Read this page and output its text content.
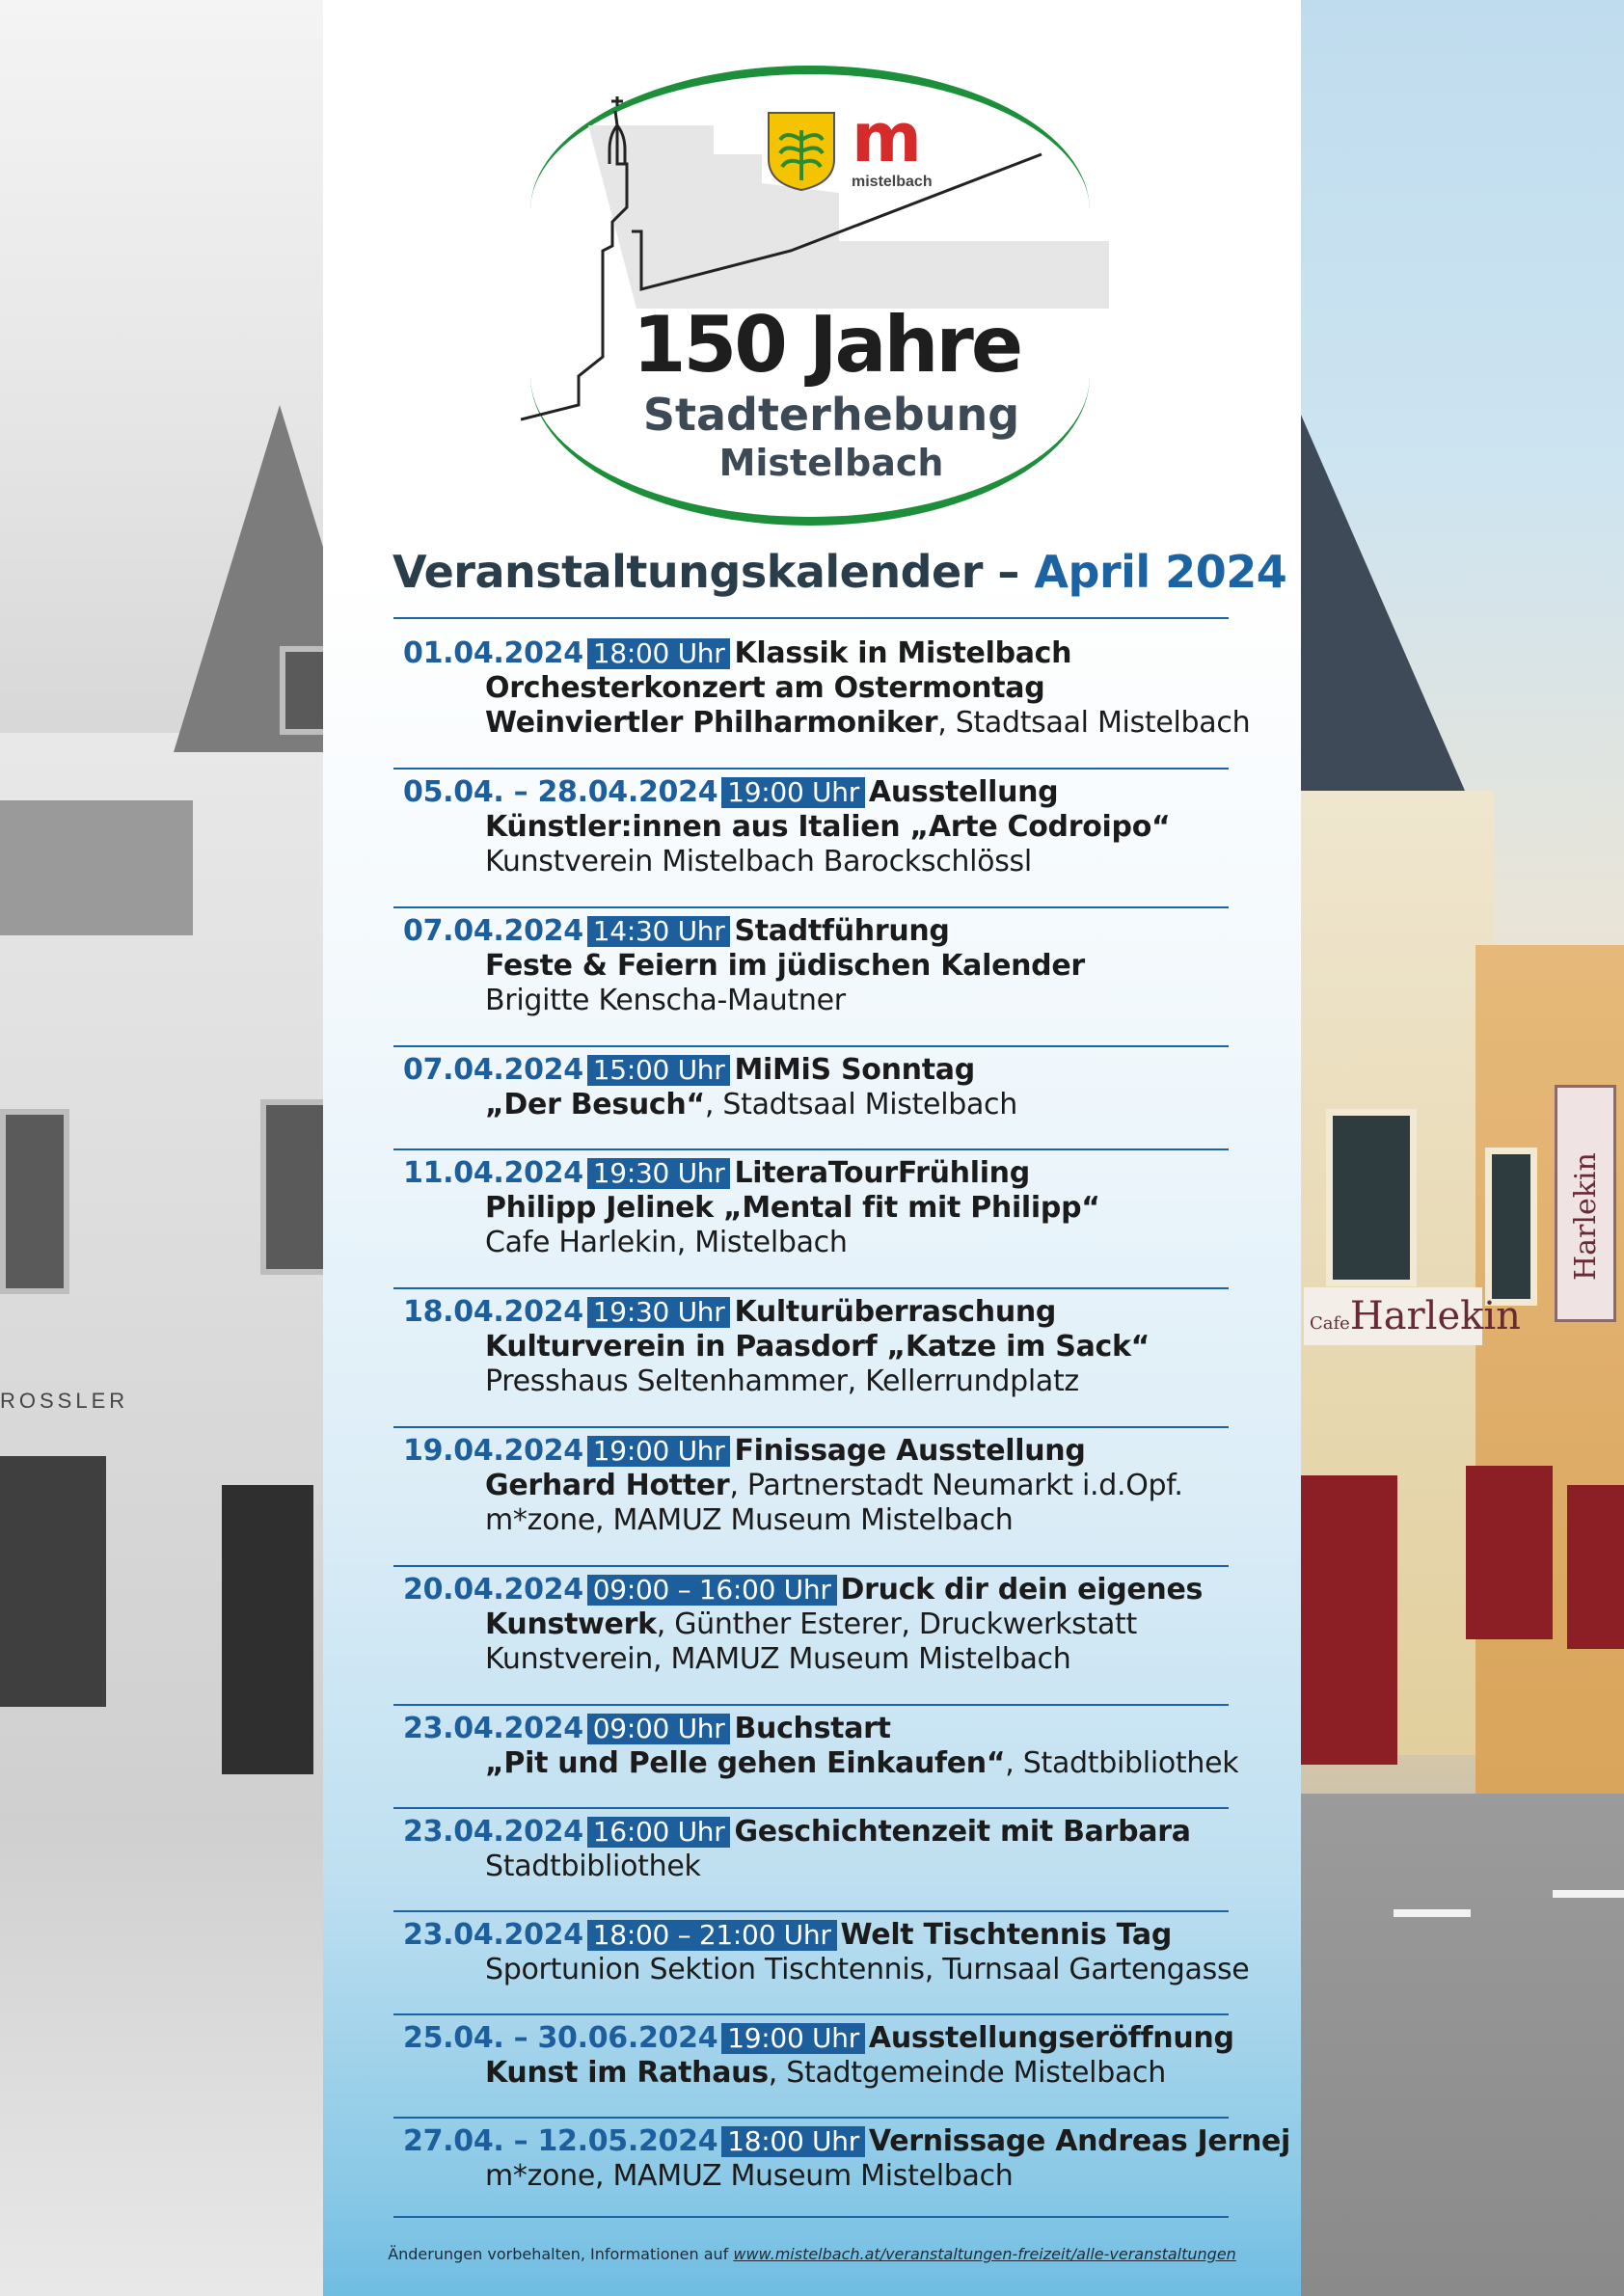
ROSSLER
CafeHarlekin
Harlekin
m
mistelbach
150 Jahre
Stadterhebung
Mistelbach
Veranstaltungskalender – April 2024
01.04.2024 18:00 Uhr Klassik in Mistelbach
Orchesterkonzert am Ostermontag
Weinviertler Philharmoniker, Stadtsaal Mistelbach
05.04. – 28.04.2024 19:00 Uhr Ausstellung
Künstler:innen aus Italien „Arte Codroipo“
Kunstverein Mistelbach Barockschlössl
07.04.2024 14:30 Uhr Stadtführung
Feste & Feiern im jüdischen Kalender
Brigitte Kenscha-Mautner
07.04.2024 15:00 Uhr MiMiS Sonntag
„Der Besuch“, Stadtsaal Mistelbach
11.04.2024 19:30 Uhr LiteraTourFrühling
Philipp Jelinek „Mental fit mit Philipp“
Cafe Harlekin, Mistelbach
18.04.2024 19:30 Uhr Kulturüberraschung
Kulturverein in Paasdorf „Katze im Sack“
Presshaus Seltenhammer, Kellerrundplatz
19.04.2024 19:00 Uhr Finissage Ausstellung
Gerhard Hotter, Partnerstadt Neumarkt i.d.Opf.
m*zone, MAMUZ Museum Mistelbach
20.04.2024 09:00 – 16:00 Uhr Druck dir dein eigenes
Kunstwerk, Günther Esterer, Druckwerkstatt
Kunstverein, MAMUZ Museum Mistelbach
23.04.2024 09:00 Uhr Buchstart
„Pit und Pelle gehen Einkaufen“, Stadtbibliothek
23.04.2024 16:00 Uhr Geschichtenzeit mit Barbara
Stadtbibliothek
23.04.2024 18:00 – 21:00 Uhr Welt Tischtennis Tag
Sportunion Sektion Tischtennis, Turnsaal Gartengasse
25.04. – 30.06.2024 19:00 Uhr Ausstellungseröffnung
Kunst im Rathaus, Stadtgemeinde Mistelbach
27.04. – 12.05.2024 18:00 Uhr Vernissage Andreas Jernej
m*zone, MAMUZ Museum Mistelbach
Änderungen vorbehalten, Informationen auf www.mistelbach.at/veranstaltungen-freizeit/alle-veranstaltungen
